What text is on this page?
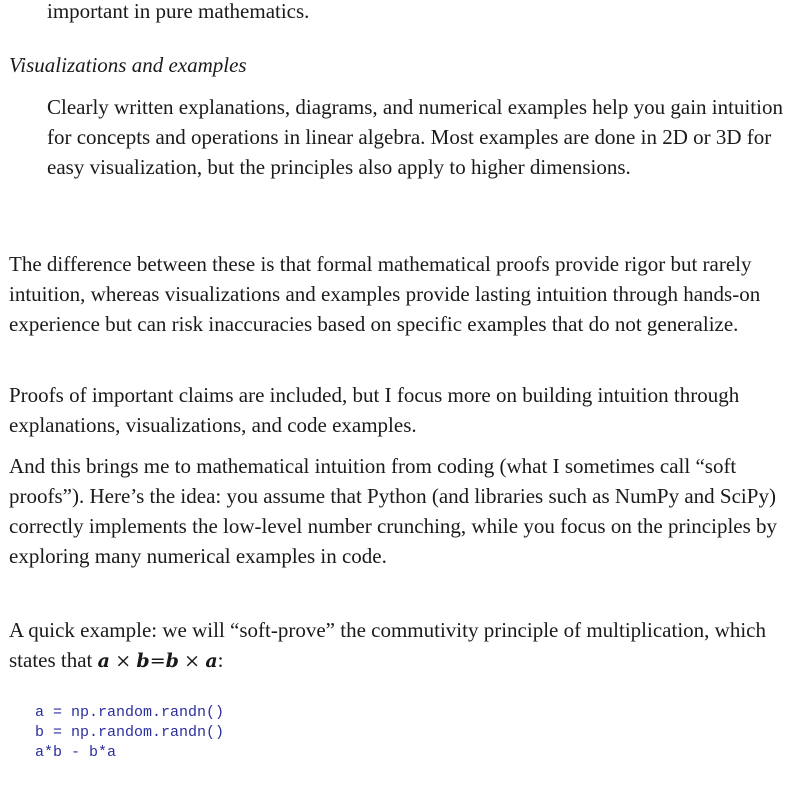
important in pure mathematics.

Visualizations and examples

Clearly written explanations, diagrams, and numerical examples help you gain intuition for concepts and operations in linear algebra. Most examples are done in 2D or 3D for easy visualization, but the principles also apply to higher dimensions.

The difference between these is that formal mathematical proofs provide rigor but rarely intuition, whereas visualizations and examples provide lasting intuition through hands-on experience but can risk inaccuracies based on specific examples that do not generalize.

Proofs of important claims are included, but I focus more on building intuition through explanations, visualizations, and code examples.

And this brings me to mathematical intuition from coding (what I sometimes call “soft proofs”). Here’s the idea: you assume that Python (and libraries such as NumPy and SciPy) correctly implements the low-level number crunching, while you focus on the principles by exploring many numerical examples in code.

A quick example: we will “soft-prove” the commutivity principle of multiplication, which states that a × b=b × a:

a = np.random.randn()
b = np.random.randn()
a*b - b*a
